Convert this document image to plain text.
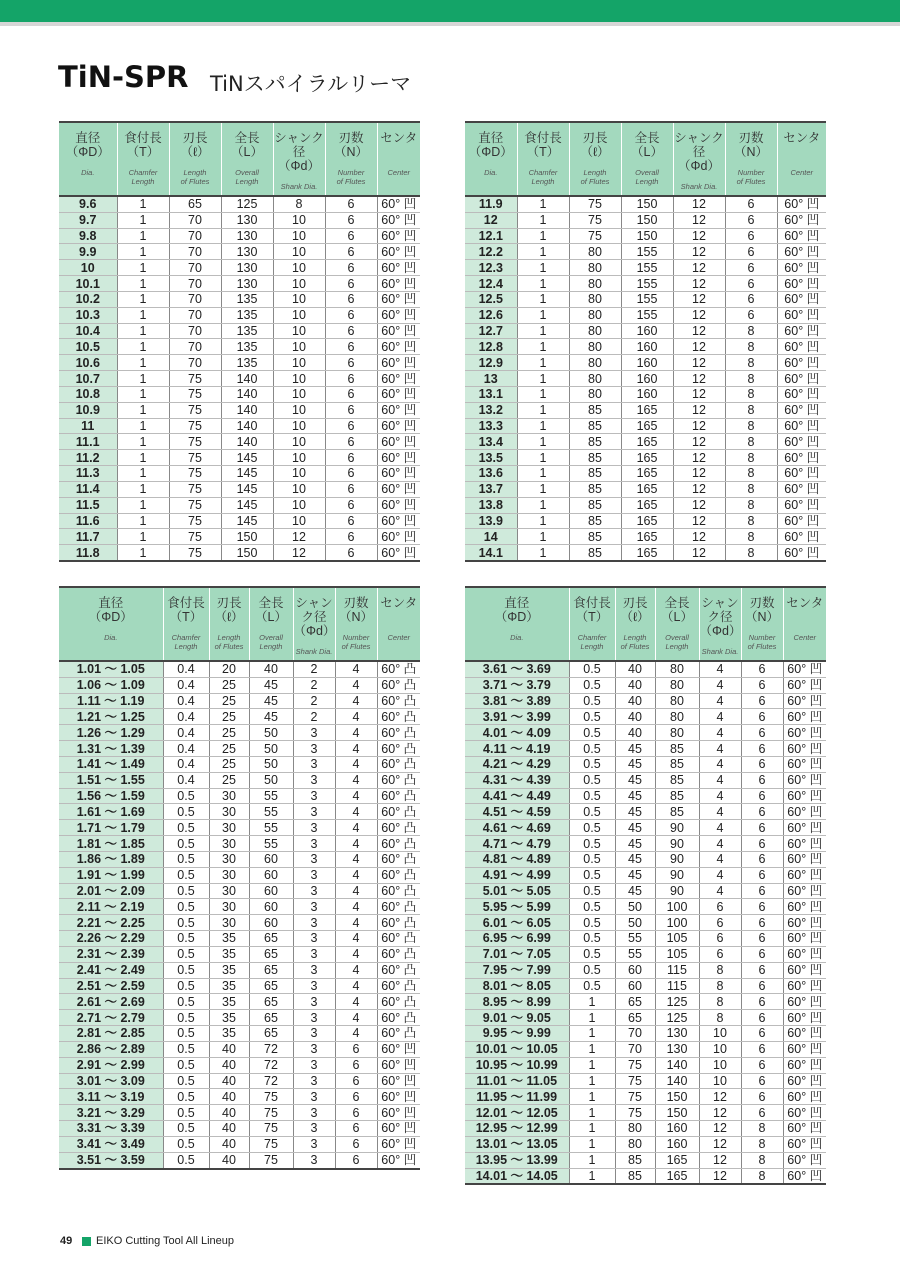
TiN-SPR TiNスパイラルリーマ
直径
（ΦD）
Dia.	食付長
（T）
Chamfer
Length	刃長
（ℓ）
Length
of Flutes	全長
（L）
Overall
Length	シャンク径
（Φd）
Shank Dia.	刃数
（N）
Number
of Flutes	センタ
Center

9.6	1	65	125	8	6	60° 凹
9.7	1	70	130	10	6	60° 凹
9.8	1	70	130	10	6	60° 凹
9.9	1	70	130	10	6	60° 凹
10	1	70	130	10	6	60° 凹
10.1	1	70	130	10	6	60° 凹
10.2	1	70	135	10	6	60° 凹
10.3	1	70	135	10	6	60° 凹
10.4	1	70	135	10	6	60° 凹
10.5	1	70	135	10	6	60° 凹
10.6	1	70	135	10	6	60° 凹
10.7	1	75	140	10	6	60° 凹
10.8	1	75	140	10	6	60° 凹
10.9	1	75	140	10	6	60° 凹
11	1	75	140	10	6	60° 凹
11.1	1	75	140	10	6	60° 凹
11.2	1	75	145	10	6	60° 凹
11.3	1	75	145	10	6	60° 凹
11.4	1	75	145	10	6	60° 凹
11.5	1	75	145	10	6	60° 凹
11.6	1	75	145	10	6	60° 凹
11.7	1	75	150	12	6	60° 凹
11.8	1	75	150	12	6	60° 凹
直径
（ΦD）
Dia.	食付長
（T）
Chamfer
Length	刃長
（ℓ）
Length
of Flutes	全長
（L）
Overall
Length	シャンク径
（Φd）
Shank Dia.	刃数
（N）
Number
of Flutes	センタ
Center

11.9	1	75	150	12	6	60° 凹
12	1	75	150	12	6	60° 凹
12.1	1	75	150	12	6	60° 凹
12.2	1	80	155	12	6	60° 凹
12.3	1	80	155	12	6	60° 凹
12.4	1	80	155	12	6	60° 凹
12.5	1	80	155	12	6	60° 凹
12.6	1	80	155	12	6	60° 凹
12.7	1	80	160	12	8	60° 凹
12.8	1	80	160	12	8	60° 凹
12.9	1	80	160	12	8	60° 凹
13	1	80	160	12	8	60° 凹
13.1	1	80	160	12	8	60° 凹
13.2	1	85	165	12	8	60° 凹
13.3	1	85	165	12	8	60° 凹
13.4	1	85	165	12	8	60° 凹
13.5	1	85	165	12	8	60° 凹
13.6	1	85	165	12	8	60° 凹
13.7	1	85	165	12	8	60° 凹
13.8	1	85	165	12	8	60° 凹
13.9	1	85	165	12	8	60° 凹
14	1	85	165	12	8	60° 凹
14.1	1	85	165	12	8	60° 凹
直径
（ΦD）
Dia.	食付長
（T）
Chamfer
Length	刃長
（ℓ）
Length
of Flutes	全長
（L）
Overall
Length	シャンク径
（Φd）
Shank Dia.	刃数
（N）
Number
of Flutes	センタ
Center

1.01 ～ 1.05	0.4	20	40	2	4	60° 凸
1.06 ～ 1.09	0.4	25	45	2	4	60° 凸
1.11 ～ 1.19	0.4	25	45	2	4	60° 凸
1.21 ～ 1.25	0.4	25	45	2	4	60° 凸
1.26 ～ 1.29	0.4	25	50	3	4	60° 凸
1.31 ～ 1.39	0.4	25	50	3	4	60° 凸
1.41 ～ 1.49	0.4	25	50	3	4	60° 凸
1.51 ～ 1.55	0.4	25	50	3	4	60° 凸
1.56 ～ 1.59	0.5	30	55	3	4	60° 凸
1.61 ～ 1.69	0.5	30	55	3	4	60° 凸
1.71 ～ 1.79	0.5	30	55	3	4	60° 凸
1.81 ～ 1.85	0.5	30	55	3	4	60° 凸
1.86 ～ 1.89	0.5	30	60	3	4	60° 凸
1.91 ～ 1.99	0.5	30	60	3	4	60° 凸
2.01 ～ 2.09	0.5	30	60	3	4	60° 凸
2.11 ～ 2.19	0.5	30	60	3	4	60° 凸
2.21 ～ 2.25	0.5	30	60	3	4	60° 凸
2.26 ～ 2.29	0.5	35	65	3	4	60° 凸
2.31 ～ 2.39	0.5	35	65	3	4	60° 凸
2.41 ～ 2.49	0.5	35	65	3	4	60° 凸
2.51 ～ 2.59	0.5	35	65	3	4	60° 凸
2.61 ～ 2.69	0.5	35	65	3	4	60° 凸
2.71 ～ 2.79	0.5	35	65	3	4	60° 凸
2.81 ～ 2.85	0.5	35	65	3	4	60° 凸
2.86 ～ 2.89	0.5	40	72	3	6	60° 凹
2.91 ～ 2.99	0.5	40	72	3	6	60° 凹
3.01 ～ 3.09	0.5	40	72	3	6	60° 凹
3.11 ～ 3.19	0.5	40	75	3	6	60° 凹
3.21 ～ 3.29	0.5	40	75	3	6	60° 凹
3.31 ～ 3.39	0.5	40	75	3	6	60° 凹
3.41 ～ 3.49	0.5	40	75	3	6	60° 凹
3.51 ～ 3.59	0.5	40	75	3	6	60° 凹
直径
（ΦD）
Dia.	食付長
（T）
Chamfer
Length	刃長
（ℓ）
Length
of Flutes	全長
（L）
Overall
Length	シャンク径
（Φd）
Shank Dia.	刃数
（N）
Number
of Flutes	センタ
Center

3.61 ～ 3.69	0.5	40	80	4	6	60° 凹
3.71 ～ 3.79	0.5	40	80	4	6	60° 凹
3.81 ～ 3.89	0.5	40	80	4	6	60° 凹
3.91 ～ 3.99	0.5	40	80	4	6	60° 凹
4.01 ～ 4.09	0.5	40	80	4	6	60° 凹
4.11 ～ 4.19	0.5	45	85	4	6	60° 凹
4.21 ～ 4.29	0.5	45	85	4	6	60° 凹
4.31 ～ 4.39	0.5	45	85	4	6	60° 凹
4.41 ～ 4.49	0.5	45	85	4	6	60° 凹
4.51 ～ 4.59	0.5	45	85	4	6	60° 凹
4.61 ～ 4.69	0.5	45	90	4	6	60° 凹
4.71 ～ 4.79	0.5	45	90	4	6	60° 凹
4.81 ～ 4.89	0.5	45	90	4	6	60° 凹
4.91 ～ 4.99	0.5	45	90	4	6	60° 凹
5.01 ～ 5.05	0.5	45	90	4	6	60° 凹
5.95 ～ 5.99	0.5	50	100	6	6	60° 凹
6.01 ～ 6.05	0.5	50	100	6	6	60° 凹
6.95 ～ 6.99	0.5	55	105	6	6	60° 凹
7.01 ～ 7.05	0.5	55	105	6	6	60° 凹
7.95 ～ 7.99	0.5	60	115	8	6	60° 凹
8.01 ～ 8.05	0.5	60	115	8	6	60° 凹
8.95 ～ 8.99	1	65	125	8	6	60° 凹
9.01 ～ 9.05	1	65	125	8	6	60° 凹
9.95 ～ 9.99	1	70	130	10	6	60° 凹
10.01 ～ 10.05	1	70	130	10	6	60° 凹
10.95 ～ 10.99	1	75	140	10	6	60° 凹
11.01 ～ 11.05	1	75	140	10	6	60° 凹
11.95 ～ 11.99	1	75	150	12	6	60° 凹
12.01 ～ 12.05	1	75	150	12	6	60° 凹
12.95 ～ 12.99	1	80	160	12	8	60° 凹
13.01 ～ 13.05	1	80	160	12	8	60° 凹
13.95 ～ 13.99	1	85	165	12	8	60° 凹
14.01 ～ 14.05	1	85	165	12	8	60° 凹
49 EIKO Cutting Tool All Lineup
